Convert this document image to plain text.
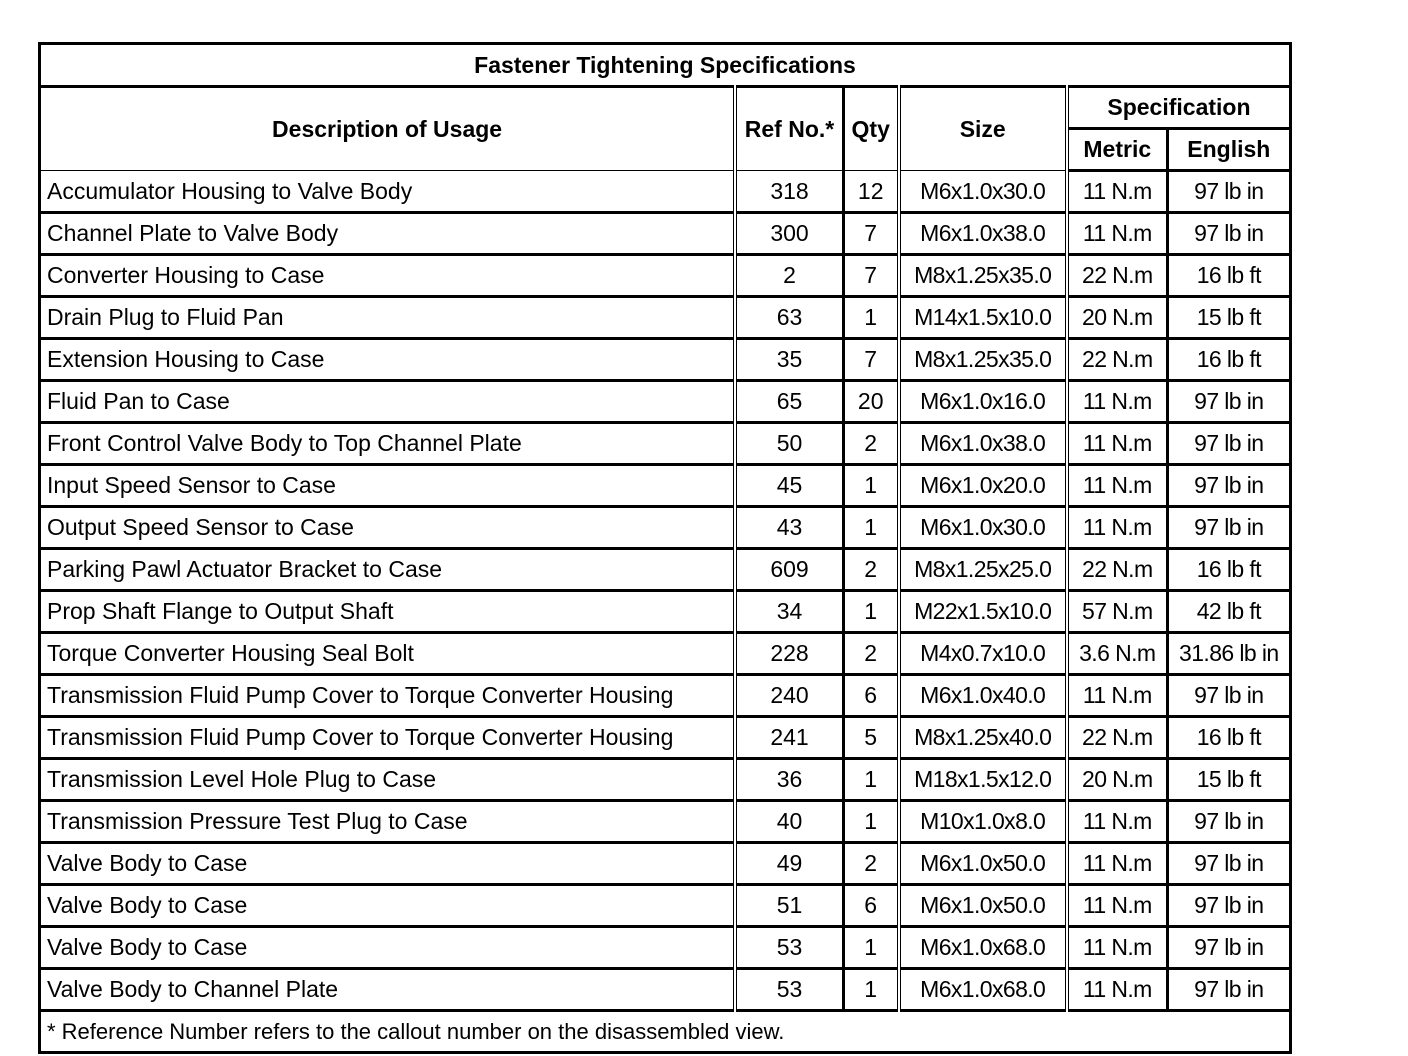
Fastener Tightening Specifications					
Description of Usage	Ref No.*	Qty	Size	Specification	
				Metric	English
Accumulator Housing to Valve Body	318	12	M6x1.0x30.0	11 N.m	97 lb in
Channel Plate to Valve Body	300	7	M6x1.0x38.0	11 N.m	97 lb in
Converter Housing to Case	2	7	M8x1.25x35.0	22 N.m	16 lb ft
Drain Plug to Fluid Pan	63	1	M14x1.5x10.0	20 N.m	15 lb ft
Extension Housing to Case	35	7	M8x1.25x35.0	22 N.m	16 lb ft
Fluid Pan to Case	65	20	M6x1.0x16.0	11 N.m	97 lb in
Front Control Valve Body to Top Channel Plate	50	2	M6x1.0x38.0	11 N.m	97 lb in
Input Speed Sensor to Case	45	1	M6x1.0x20.0	11 N.m	97 lb in
Output Speed Sensor to Case	43	1	M6x1.0x30.0	11 N.m	97 lb in
Parking Pawl Actuator Bracket to Case	609	2	M8x1.25x25.0	22 N.m	16 lb ft
Prop Shaft Flange to Output Shaft	34	1	M22x1.5x10.0	57 N.m	42 lb ft
Torque Converter Housing Seal Bolt	228	2	M4x0.7x10.0	3.6 N.m	31.86 lb in
Transmission Fluid Pump Cover to Torque Converter Housing	240	6	M6x1.0x40.0	11 N.m	97 lb in
Transmission Fluid Pump Cover to Torque Converter Housing	241	5	M8x1.25x40.0	22 N.m	16 lb ft
Transmission Level Hole Plug to Case	36	1	M18x1.5x12.0	20 N.m	15 lb ft
Transmission Pressure Test Plug to Case	40	1	M10x1.0x8.0	11 N.m	97 lb in
Valve Body to Case	49	2	M6x1.0x50.0	11 N.m	97 lb in
Valve Body to Case	51	6	M6x1.0x50.0	11 N.m	97 lb in
Valve Body to Case	53	1	M6x1.0x68.0	11 N.m	97 lb in
Valve Body to Channel Plate	53	1	M6x1.0x68.0	11 N.m	97 lb in
* Reference Number refers to the callout number on the disassembled view.					
